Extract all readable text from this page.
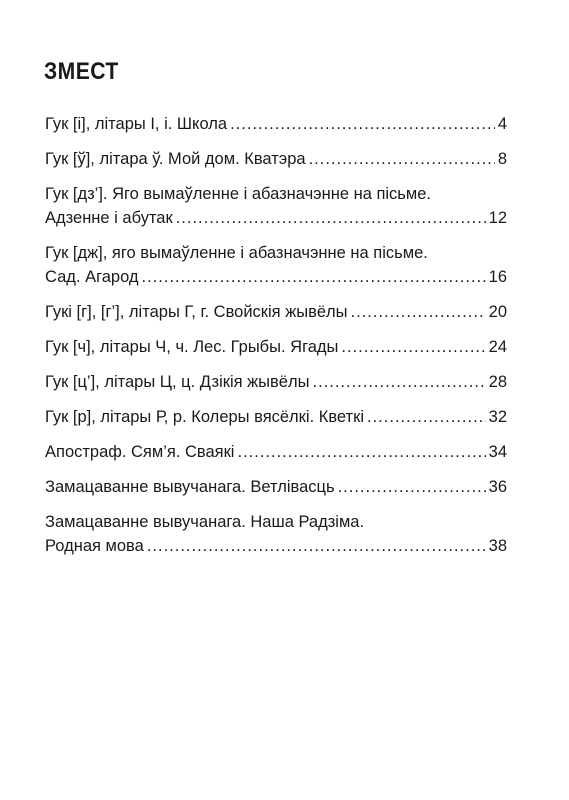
ЗМЕСТ
Гук [і], літары І, і. Школа .....	4
Гук [ў], літара ў. Мой дом. Кватэра .....	8
Гук [дз’]. Яго вымаўленне і абазначэнне на пісьме.
Адзенне і абутак .....	12
Гук [дж], яго вымаўленне і абазначэнне на пісьме.
Сад. Агарод .....	16
Гукі [г], [г’], літары Г, г. Свойскія жывёлы .....	20
Гук [ч], літары Ч, ч. Лес. Грыбы. Ягады .....	24
Гук [ц’], літары Ц, ц. Дзікія жывёлы .....	28
Гук [р], літары Р, р. Колеры вясёлкі. Кветкі .....	32
Апостраф. Сям’я. Сваякі .....	34
Замацаванне вывучанага. Ветлівасць .....	36
Замацаванне вывучанага. Наша Радзіма.
Родная мова .....	38
